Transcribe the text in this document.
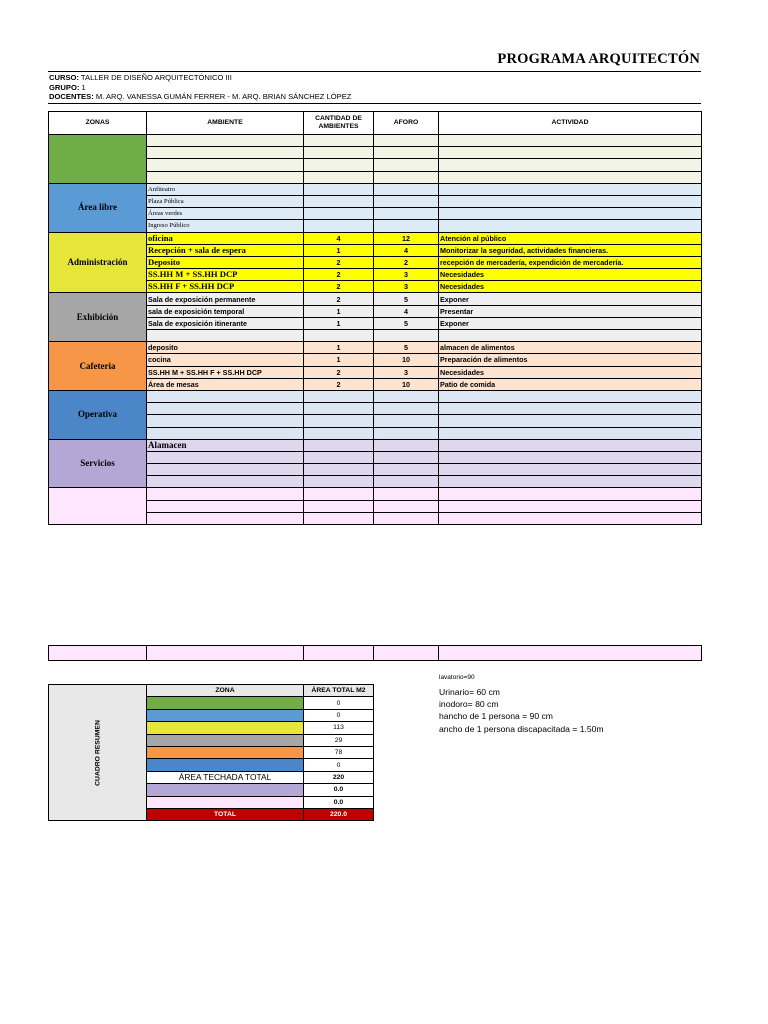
PROGRAMA ARQUITECTÓN
CURSO: TALLER DE DISEÑO ARQUITECTÓNICO III
GRUPO: 1
DOCENTES: M. ARQ. VANESSA GUMÁN FERRER - M. ARQ. BRIAN SÁNCHEZ LÓPEZ
ZONAS	AMBIENTE	CANTIDAD DE AMBIENTES	AFORO	ACTIVIDAD

Área libre	Anfiteatro			
	Plaza Pública			
	Áreas verdes			
	Ingreso Público			
Administración	oficina	4	12	Atención al público
	Recepción + sala de espera	1	4	Monitorizar la seguridad, actividades financieras.
	Deposito	2	2	recepción de mercadería, expendición de mercadería.
	SS.HH M + SS.HH DCP	2	3	Necesidades
	SS.HH F + SS.HH DCP	2	3	Necesidades
Exhibición	Sala de exposición permanente	2	5	Exponer
	sala de exposición temporal	1	4	Presentar
	Sala de exposición itinerante	1	5	Exponer

Cafeteria	deposito	1	5	almacen de alimentos
	cocina	1	10	Preparación de alimentos
	SS.HH M + SS.HH F + SS.HH DCP	2	3	Necesidades
	Área de mesas	2	10	Patio de comida
Operativa				

Servicios	Alamacen			

CUADRO RESUMEN	ZONA	ÁREA TOTAL M2
		0
		0
		113
		29
		78
		0
	ÁREA TECHADA TOTAL	220
		0.0
		0.0
	TOTAL	220.0
lavatorio=90
Urinario= 60 cm
inodoro= 80 cm
hancho de 1 persona = 90 cm
ancho de 1 persona discapacitada = 1.50m
